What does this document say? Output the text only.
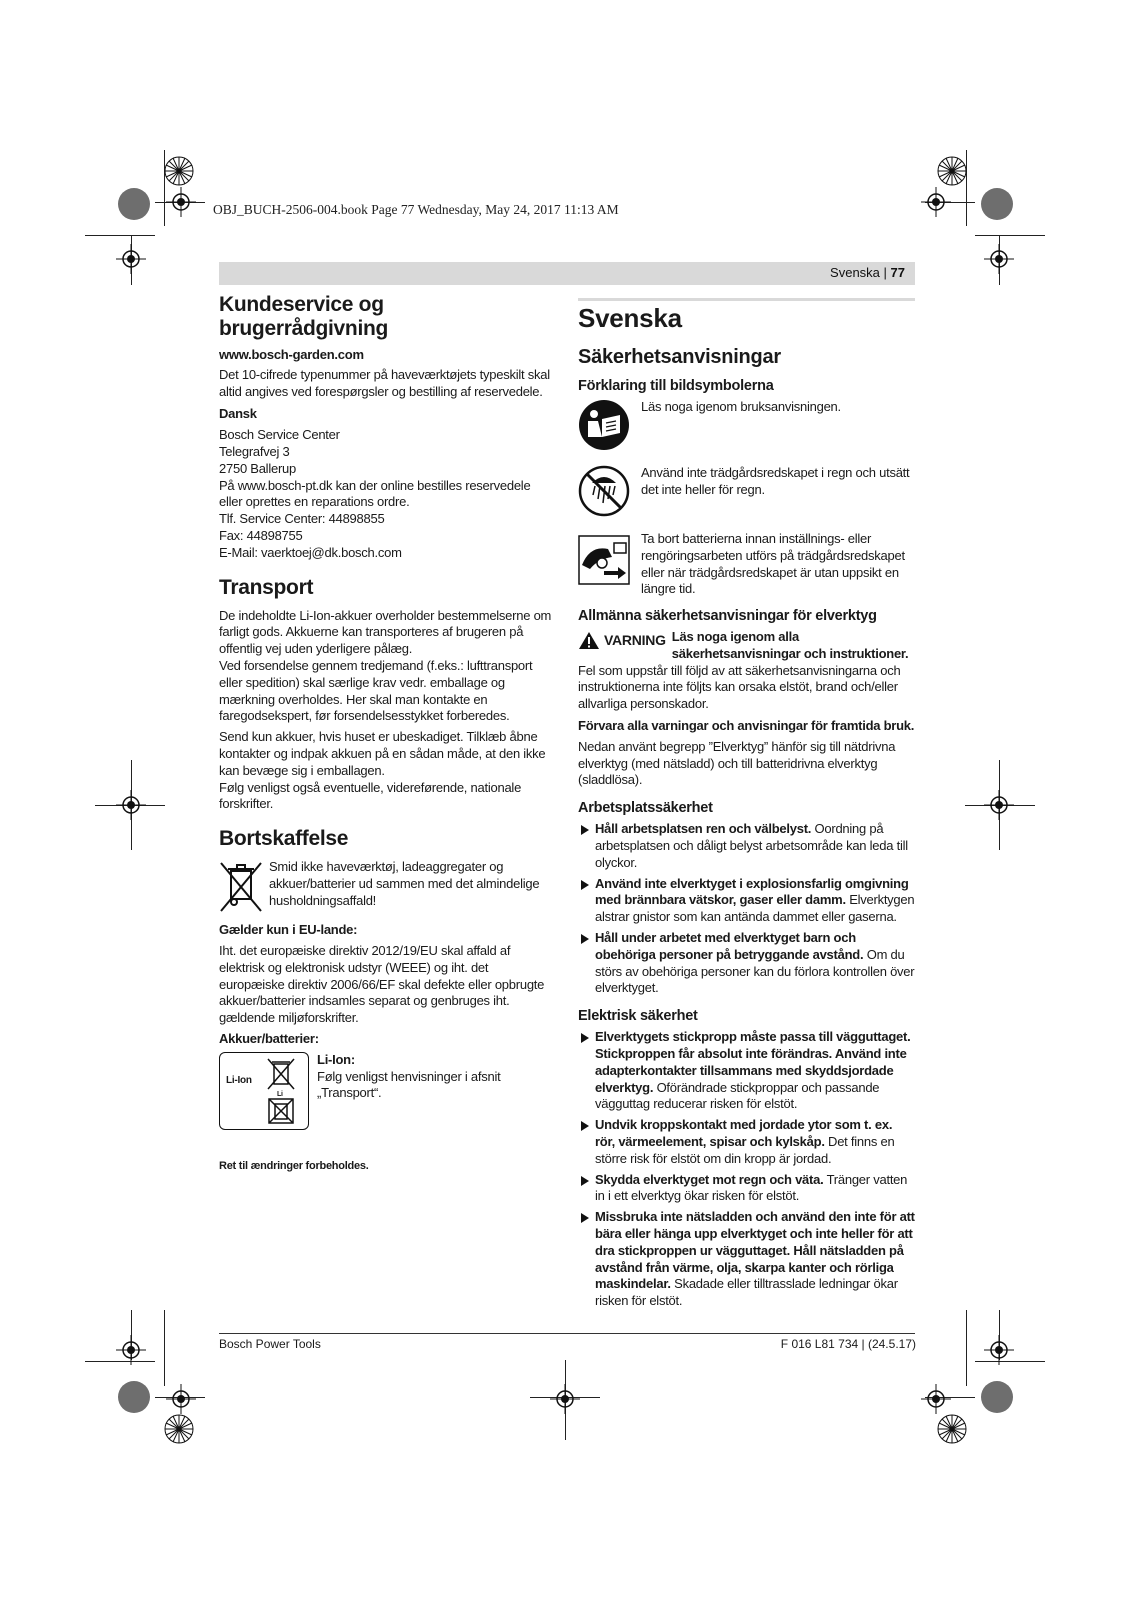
OBJ_BUCH-2506-004.book Page 77 Wednesday, May 24, 2017 11:13 AM
Svenska | 77
Kundeservice og brugerrådgivning
www.bosch-garden.com

Det 10-cifrede typenummer på haveværktøjets typeskilt skal altid angives ved forespørgsler og bestilling af reservedele.

Dansk
Bosch Service Center
Telegrafvej 3
2750 Ballerup
På www.bosch-pt.dk kan der online bestilles reservedele eller oprettes en reparations ordre.
Tlf. Service Center: 44898855
Fax: 44898755
E-Mail: vaerktoej@dk.bosch.com
Transport
De indeholdte Li-Ion-akkuer overholder bestemmelserne om farligt gods. Akkuerne kan transporteres af brugeren på offentlig vej uden yderligere pålæg.

Ved forsendelse gennem tredjemand (f.eks.: lufttransport eller spedition) skal særlige krav vedr. emballage og mærkning overholdes. Her skal man kontakte en faregodsekspert, før forsendelsesstykket forberedes.

Send kun akkuer, hvis huset er ubeskadiget. Tilklæb åbne kontakter og indpak akkuen på en sådan måde, at den ikke kan bevæge sig i emballagen.
Følg venligst også eventuelle, videreførende, nationale forskrifter.
Bortskaffelse
Smid ikke haveværktøj, ladeaggregater og akkuer/batterier ud sammen med det almindelige husholdningsaffald!
Gælder kun i EU-lande:
Iht. det europæiske direktiv 2012/19/EU skal affald af elektrisk og elektronisk udstyr (WEEE) og iht. det europæiske direktiv 2006/66/EF skal defekte eller opbrugte akkuer/batterier indsamles separat og genbruges iht. gældende miljøforskrifter.
Akkuer/batterier:
Li-Ion
Li
Li-Ion:
Følg venligst henvisninger i afsnit „Transport“.
Ret til ændringer forbeholdes.
Svenska
Säkerhetsanvisningar
Förklaring till bildsymbolerna
Läs noga igenom bruksanvisningen.
Använd inte trädgårdsredskapet i regn och utsätt det inte heller för regn.
Ta bort batterierna innan inställnings- eller rengöringsarbeten utförs på trädgårdsredskapet eller när trädgårdsredskapet är utan uppsikt en längre tid.
Allmänna säkerhetsanvisningar för elverktyg
VARNING Läs noga igenom alla säkerhetsanvisningar och instruktioner. Fel som uppstår till följd av att säkerhetsanvisningarna och instruktionerna inte följts kan orsaka elstöt, brand och/eller allvarliga personskador.
Förvara alla varningar och anvisningar för framtida bruk.
Nedan använt begrepp ”Elverktyg” hänför sig till nätdrivna elverktyg (med nätsladd) och till batteridrivna elverktyg (sladdlösa).
Arbetsplatssäkerhet
Håll arbetsplatsen ren och välbelyst. Oordning på arbetsplatsen och dåligt belyst arbetsområde kan leda till olyckor.
Använd inte elverktyget i explosionsfarlig omgivning med brännbara vätskor, gaser eller damm. Elverktygen alstrar gnistor som kan antända dammet eller gaserna.
Håll under arbetet med elverktyget barn och obehöriga personer på betryggande avstånd. Om du störs av obehöriga personer kan du förlora kontrollen över elverktyget.
Elektrisk säkerhet
Elverktygets stickpropp måste passa till vägguttaget. Stickproppen får absolut inte förändras. Använd inte adapterkontakter tillsammans med skyddsjordade elverktyg. Oförändrade stickproppar och passande vägguttag reducerar risken för elstöt.
Undvik kroppskontakt med jordade ytor som t. ex. rör, värmeelement, spisar och kylskåp. Det finns en större risk för elstöt om din kropp är jordad.
Skydda elverktyget mot regn och väta. Tränger vatten in i ett elverktyg ökar risken för elstöt.
Missbruka inte nätsladden och använd den inte för att bära eller hänga upp elverktyget och inte heller för att dra stickproppen ur vägguttaget. Håll nätsladden på avstånd från värme, olja, skarpa kanter och rörliga maskindelar. Skadade eller tilltrasslade ledningar ökar risken för elstöt.
Bosch Power Tools	F 016 L81 734 | (24.5.17)
